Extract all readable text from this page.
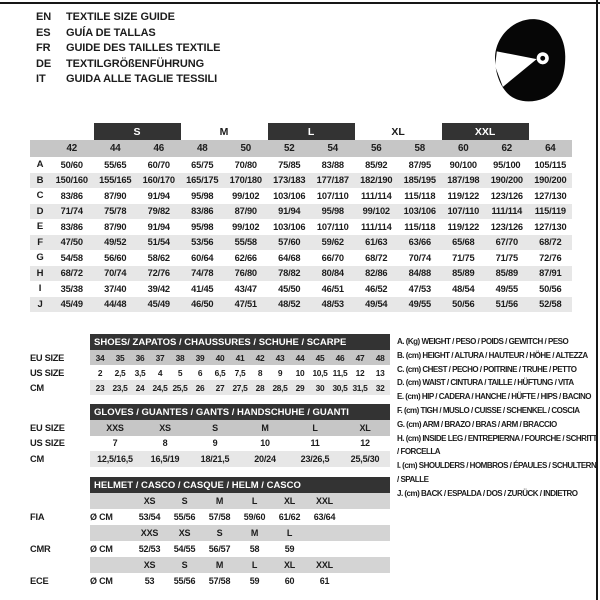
EN TEXTILE SIZE GUIDE
ES GUÍA DE TALLAS
FR GUIDE DES TAILLES TEXTILE
DE TEXTILGRÖßENFÜHRUNG
IT GUIDA ALLE TAGLIE TESSILI
		S		M		L		XL		XXL		
	42	44	46	48	50	52	54	56	58	60	62	64
A	50/60	55/65	60/70	65/75	70/80	75/85	83/88	85/92	87/95	90/100	95/100	105/115
B	150/160	155/165	160/170	165/175	170/180	173/183	177/187	182/190	185/195	187/198	190/200	190/200
C	83/86	87/90	91/94	95/98	99/102	103/106	107/110	111/114	115/118	119/122	123/126	127/130
D	71/74	75/78	79/82	83/86	87/90	91/94	95/98	99/102	103/106	107/110	111/114	115/119
E	83/86	87/90	91/94	95/98	99/102	103/106	107/110	111/114	115/118	119/122	123/126	127/130
F	47/50	49/52	51/54	53/56	55/58	57/60	59/62	61/63	63/66	65/68	67/70	68/72
G	54/58	56/60	58/62	60/64	62/66	64/68	66/70	68/72	70/74	71/75	71/75	72/76
H	68/72	70/74	72/76	74/78	76/80	78/82	80/84	82/86	84/88	85/89	85/89	87/91
I	35/38	37/40	39/42	41/45	43/47	45/50	46/51	46/52	47/53	48/54	49/55	50/56
J	45/49	44/48	45/49	46/50	47/51	48/52	48/53	49/54	49/55	50/56	51/56	52/58
	SHOES/ ZAPATOS / CHAUSSURES / SCHUHE / SCARPE														
EU SIZE	34	35	36	37	38	39	40	41	42	43	44	45	46	47	48
US SIZE	2	2,5	3,5	4	5	6	6,5	7,5	8	9	10	10,5	11,5	12	13
CM	23	23,5	24	24,5	25,5	26	27	27,5	28	28,5	29	30	30,5	31,5	32
	GLOVES / GUANTES / GANTS / HANDSCHUHE / GUANTI					
EU SIZE	XXS	XS	S	M	L	XL
US SIZE	7	8	9	10	11	12
CM	12,5/16,5	16,5/19	18/21,5	20/24	23/26,5	25,5/30
	HELMET / CASCO / CASQUE / HELM / CASCO							
		XS	S	M	L	XL	XXL	
FIA	Ø CM	53/54	55/56	57/58	59/60	61/62	63/64	
		XXS	XS	S	M	L		
CMR	Ø CM	52/53	54/55	56/57	58	59		
		XS	S	M	L	XL	XXL	
ECE	Ø CM	53	55/56	57/58	59	60	61	
A. (Kg) WEIGHT / PESO / POIDS / GEWITCH / PESO
B. (cm) HEIGHT / ALTURA / HAUTEUR / HÖHE / ALTEZZA
C. (cm) CHEST / PECHO / POITRINE / TRUHE / PETTO
D. (cm) WAIST / CINTURA / TAILLE / HÜFTUNG / VITA
E. (cm) HIP / CADERA / HANCHE / HÜFTE / HIPS / BACINO
F. (cm) TIGH / MUSLO / CUISSE / SCHENKEL / COSCIA
G. (cm) ARM / BRAZO / BRAS / ARM / BRACCIO
H. (cm) INSIDE LEG / ENTREPIERNA / FOURCHE / SCHRITT / FORCELLA
I. (cm) SHOULDERS / HOMBROS / ÉPAULES / SCHULTERN / SPALLE
J. (cm) BACK / ESPALDA / DOS / ZURÜCK / INDIETRO
